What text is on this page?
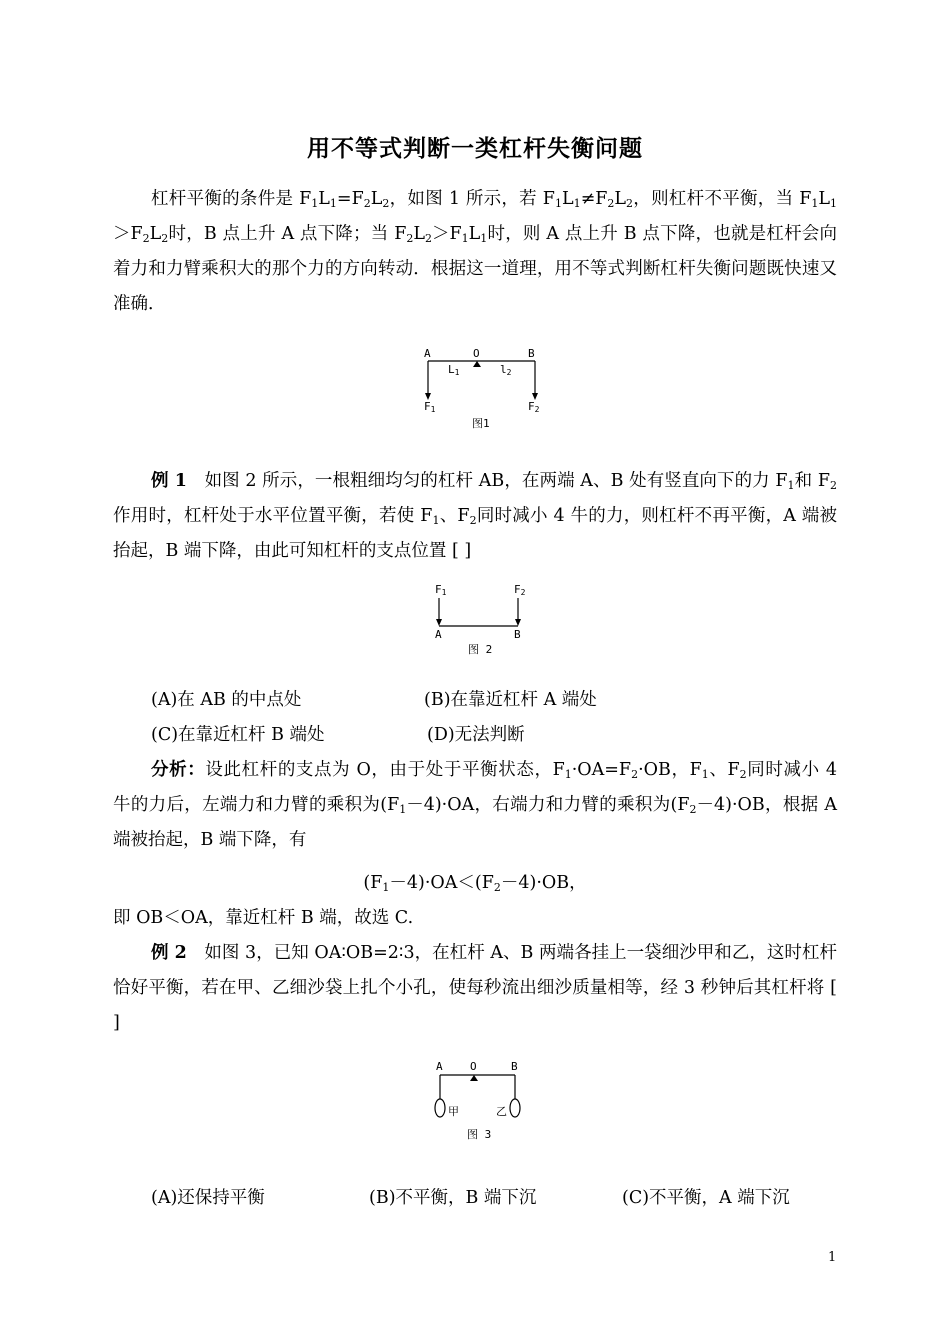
用不等式判断一类杠杆失衡问题

杠杆平衡的条件是 $F_1L_1=F_2L_2$，如图 1 所示，若 $F_1L_1\ne F_2L_2$，则杠杆不平衡，当 $F_1L_1>F_2L_2$时，B 点上升 A 点下降；当 $F_2L_2>F_1L_1$时，则 A 点上升 B 点下降，也就是杠杆会向着力和力臂乘积大的那个力的方向转动．根据这一道理，用不等式判断杠杆失衡问题既快速又准确．

A	O	B
L1	l2
F1	F2
图1

例 1　如图 2 所示，一根粗细均匀的杠杆 AB，在两端 A、B 处有竖直向下的力 $F_1$和 $F_2$作用时，杠杆处于水平位置平衡，若使 $F_1$、$F_2$同时减小 4 牛的力，则杠杆不再平衡，A 端被抬起，B 端下降，由此可知杠杆的支点位置 [ ]

F1	F2
A	B
图 2
(A)在 AB 的中点处	(B)在靠近杠杆 A 端处
(C)在靠近杠杆 B 端处	(D)无法判断

分析：设此杠杆的支点为 O，由于处于平衡状态，$F_1\cdot OA=F_2\cdot OB$，$F_1$、$F_2$同时减小 4 牛的力后，左端力和力臂的乘积为$(F_1-4)\cdot OA$，右端力和力臂的乘积为$(F_2-4)\cdot OB$，根据 A 端被抬起，B 端下降，有

$(F_1-4)\cdot OA<(F_2-4)\cdot OB$，
即 OB＜OA，靠近杠杆 B 端，故选 C.

例 2　如图 3，已知 OA∶OB=2∶3，在杠杆 A、B 两端各挂上一袋细沙甲和乙，这时杠杆恰好平衡，若在甲、乙细沙袋上扎个小孔，使每秒流出细沙质量相等，经 3 秒钟后其杠杆将 [ ]

A O	B
甲	乙
图 3
(A)还保持平衡	(B)不平衡，B 端下沉	(C)不平衡，A 端下沉
1
